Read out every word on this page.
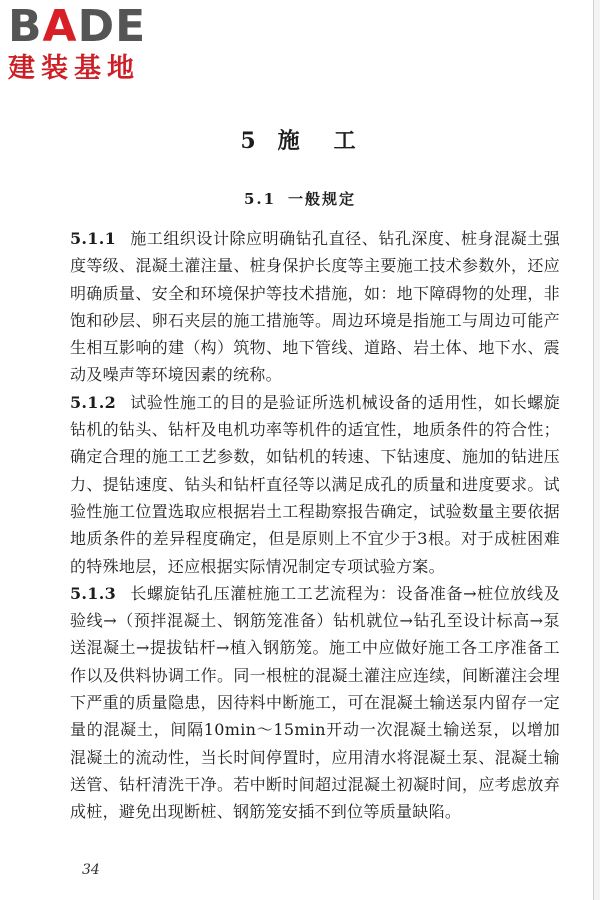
BADE
建装基地
5 施 工
5.1 一般规定

5.1.1 施工组织设计除应明确钻孔直径、钻孔深度、桩身混凝土强度等级、混凝土灌注量、桩身保护长度等主要施工技术参数外，还应明确质量、安全和环境保护等技术措施，如：地下障碍物的处理，非饱和砂层、卵石夹层的施工措施等。周边环境是指施工与周边可能产生相互影响的建（构）筑物、地下管线、道路、岩土体、地下水、震动及噪声等环境因素的统称。

5.1.2 试验性施工的目的是验证所选机械设备的适用性，如长螺旋钻机的钻头、钻杆及电机功率等机件的适宜性，地质条件的符合性；确定合理的施工工艺参数，如钻机的转速、下钻速度、施加的钻进压力、提钻速度、钻头和钻杆直径等以满足成孔的质量和进度要求。试验性施工位置选取应根据岩土工程勘察报告确定，试验数量主要依据地质条件的差异程度确定，但是原则上不宜少于3根。对于成桩困难的特殊地层，还应根据实际情况制定专项试验方案。

5.1.3 长螺旋钻孔压灌桩施工工艺流程为：设备准备→桩位放线及验线→（预拌混凝土、钢筋笼准备）钻机就位→钻孔至设计标高→泵送混凝土→提拔钻杆→植入钢筋笼。施工中应做好施工各工序准备工作以及供料协调工作。同一根桩的混凝土灌注应连续，间断灌注会埋下严重的质量隐患，因待料中断施工，可在混凝土输送泵内留存一定量的混凝土，间隔10min～15min开动一次混凝土输送泵，以增加混凝土的流动性，当长时间停置时，应用清水将混凝土泵、混凝土输送管、钻杆清洗干净。若中断时间超过混凝土初凝时间，应考虑放弃成桩，避免出现断桩、钢筋笼安插不到位等质量缺陷。

34
